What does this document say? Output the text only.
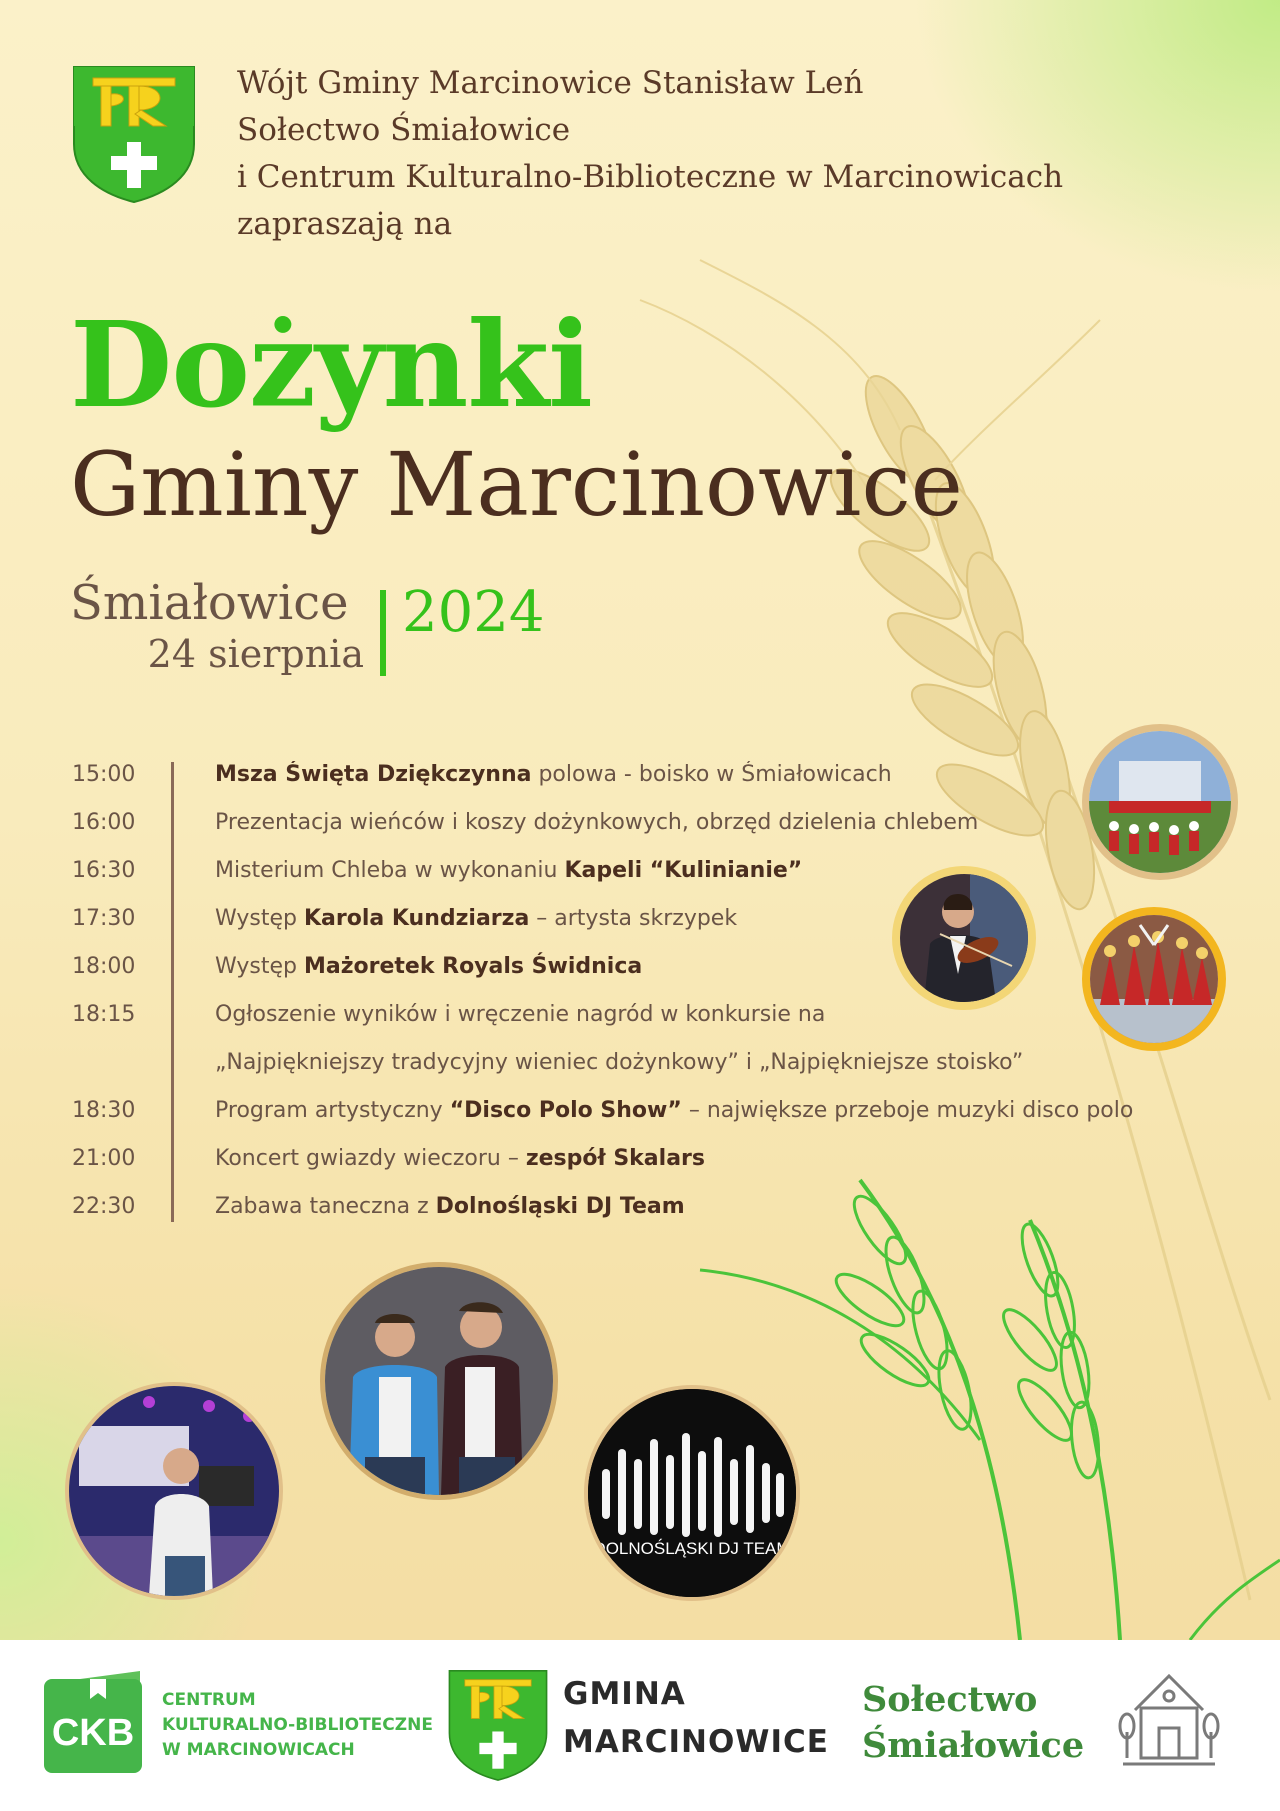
Wójt Gminy Marcinowice Stanisław Leń
Sołectwo Śmiałowice
i Centrum Kulturalno-Biblioteczne w Marcinowicach
zapraszają na
Dożynki
Gminy Marcinowice
Śmiałowice
24 sierpnia
2024
15:00	Msza Święta Dziękczynna polowa - boisko w Śmiałowicach
16:00	Prezentacja wieńców i koszy dożynkowych, obrzęd dzielenia chlebem
16:30	Misterium Chleba w wykonaniu Kapeli “Kulinianie”
17:30	Występ Karola Kundziarza – artysta skrzypek
18:00	Występ Mażoretek Royals Świdnica
18:15	Ogłoszenie wyników i wręczenie nagród w konkursie na
„Najpiękniejszy tradycyjny wieniec dożynkowy” i „Najpiękniejsze stoisko”
18:30	Program artystyczny “Disco Polo Show” – największe przeboje muzyki disco polo
21:00	Koncert gwiazdy wieczoru – zespół Skalars
22:30	Zabawa taneczna z Dolnośląski DJ Team
DOLNOŚLĄSKI DJ TEAM
CKB
CENTRUM
KULTURALNO-BIBLIOTECZNE
W MARCINOWICACH
GMINA
MARCINOWICE
Sołectwo
Śmiałowice
